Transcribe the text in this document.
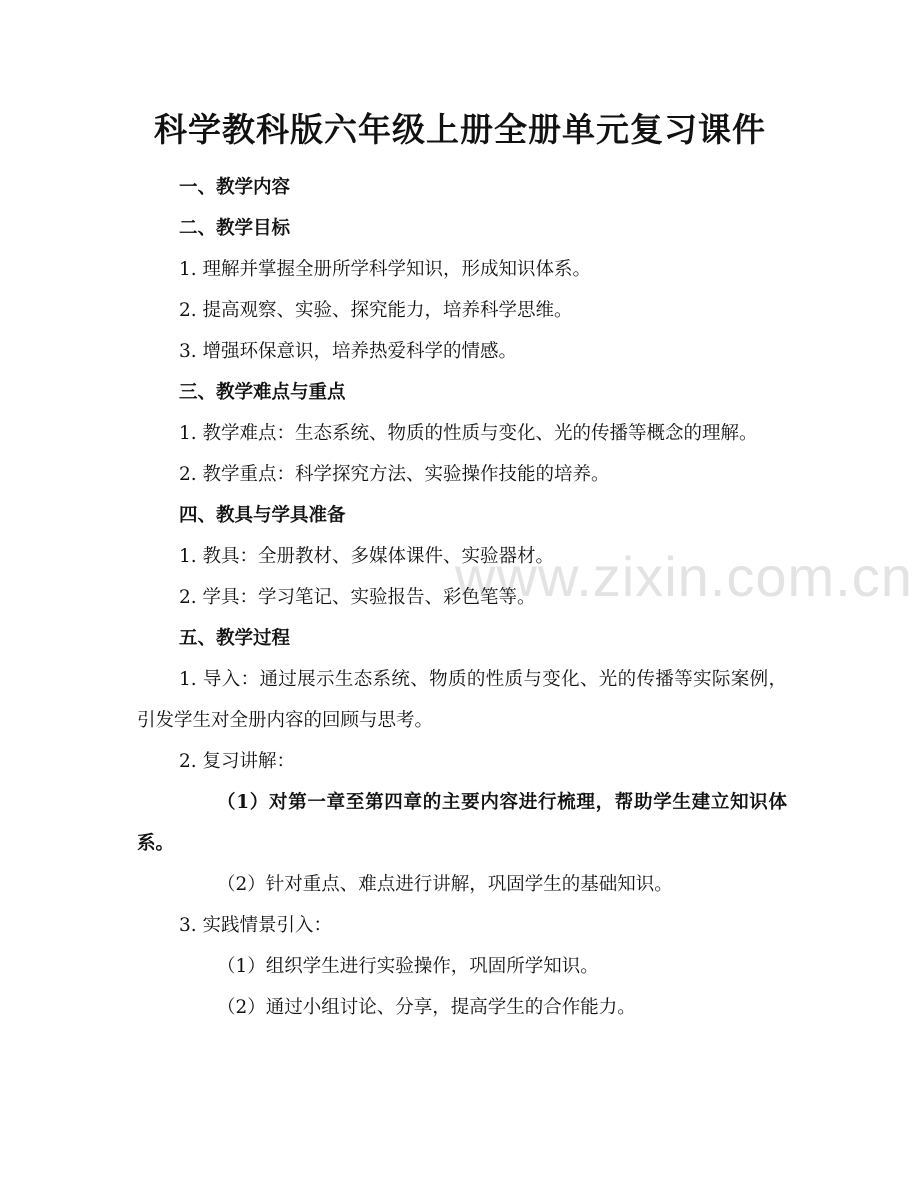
www.zixin.com.cn
科学教科版六年级上册全册单元复习课件

一、教学内容

二、教学目标

1. 理解并掌握全册所学科学知识，形成知识体系。

2. 提高观察、实验、探究能力，培养科学思维。

3. 增强环保意识，培养热爱科学的情感。

三、教学难点与重点

1. 教学难点：生态系统、物质的性质与变化、光的传播等概念的理解。

2. 教学重点：科学探究方法、实验操作技能的培养。

四、教具与学具准备

1. 教具：全册教材、多媒体课件、实验器材。

2. 学具：学习笔记、实验报告、彩色笔等。

五、教学过程

1. 导入：通过展示生态系统、物质的性质与变化、光的传播等实际案例，引发学生对全册内容的回顾与思考。

2. 复习讲解：

（1）对第一章至第四章的主要内容进行梳理，帮助学生建立知识体系。

（2）针对重点、难点进行讲解，巩固学生的基础知识。

3. 实践情景引入：

（1）组织学生进行实验操作，巩固所学知识。

（2）通过小组讨论、分享，提高学生的合作能力。
